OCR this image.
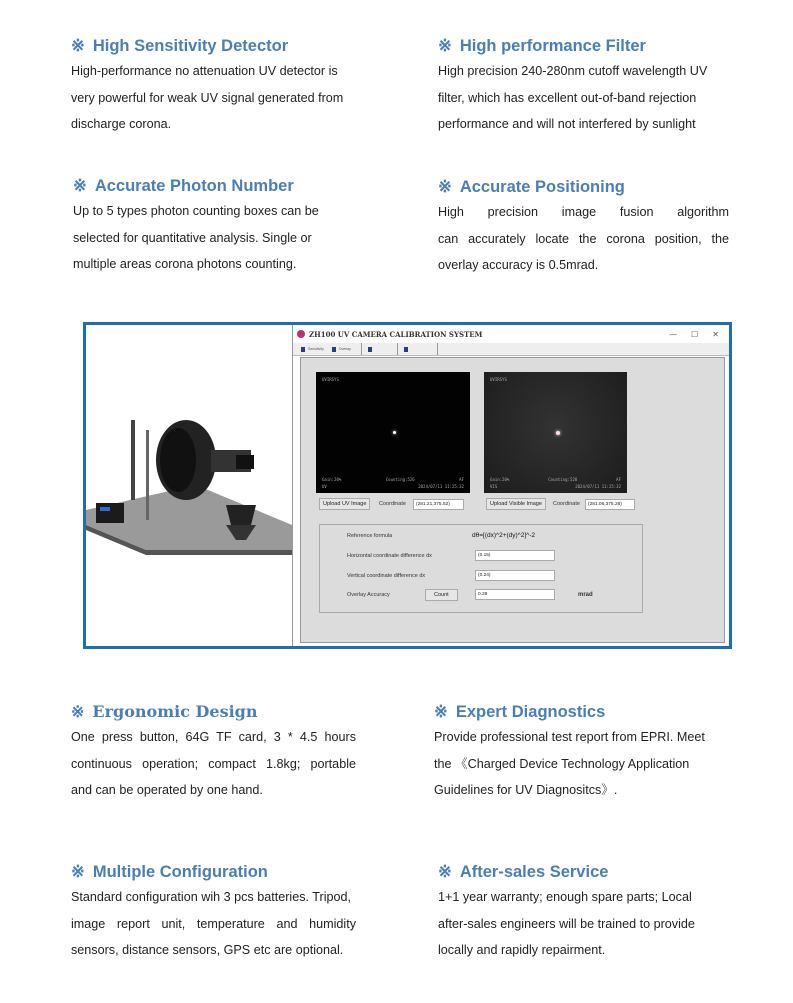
※ High Sensitivity Detector
High-performance no attenuation UV detector is
very powerful for weak UV signal generated from
discharge corona.
※ High performance Filter
High precision 240-280nm cutoff wavelength UV
filter, which has excellent out-of-band rejection
performance and will not interfered by sunlight
※ Accurate Photon Number
Up to 5 types photon counting boxes can be
selected for quantitative analysis. Single or
multiple areas corona photons counting.
※ Accurate Positioning
High precision image fusion algorithm
can accurately locate the corona position, the
overlay accuracy is 0.5mrad.
ZH100 UV CAMERA CALIBRATION SYSTEM	— ☐ ✕
Sensitivity	Overlay
UVIRSYS
Gain:20%	Counting:526	AF
UV	2024/07/11 11:25:32
UVIRSYS
Gain:20%	Counting:520	AF
VIS	2024/07/11 11:25:32
Upload UV Image	Coordinate	(281.21,375.52)	Upload Visible Image	Coordinate	(281.06,375.28)
Reference formula	dθ=[(dx)^2+(dy)^2]^-2
Horizontal coordinate difference dx	(0.15)
Vertical coordinate difference dx	(0.24)
Overlay Accuracy	Count	0.28	mrad
※ Ergonomic Design
One press button, 64G TF card, 3 * 4.5 hours
continuous operation; compact 1.8kg; portable
and can be operated by one hand.
※ Expert Diagnostics
Provide professional test report from EPRI. Meet
the 《Charged Device Technology Application
Guidelines for UV Diagnositcs》.
※ Multiple Configuration
Standard configuration wih 3 pcs batteries. Tripod,
image report unit, temperature and humidity
sensors, distance sensors, GPS etc are optional.
※ After-sales Service
1+1 year warranty; enough spare parts; Local
after-sales engineers will be trained to provide
locally and rapidly repairment.
